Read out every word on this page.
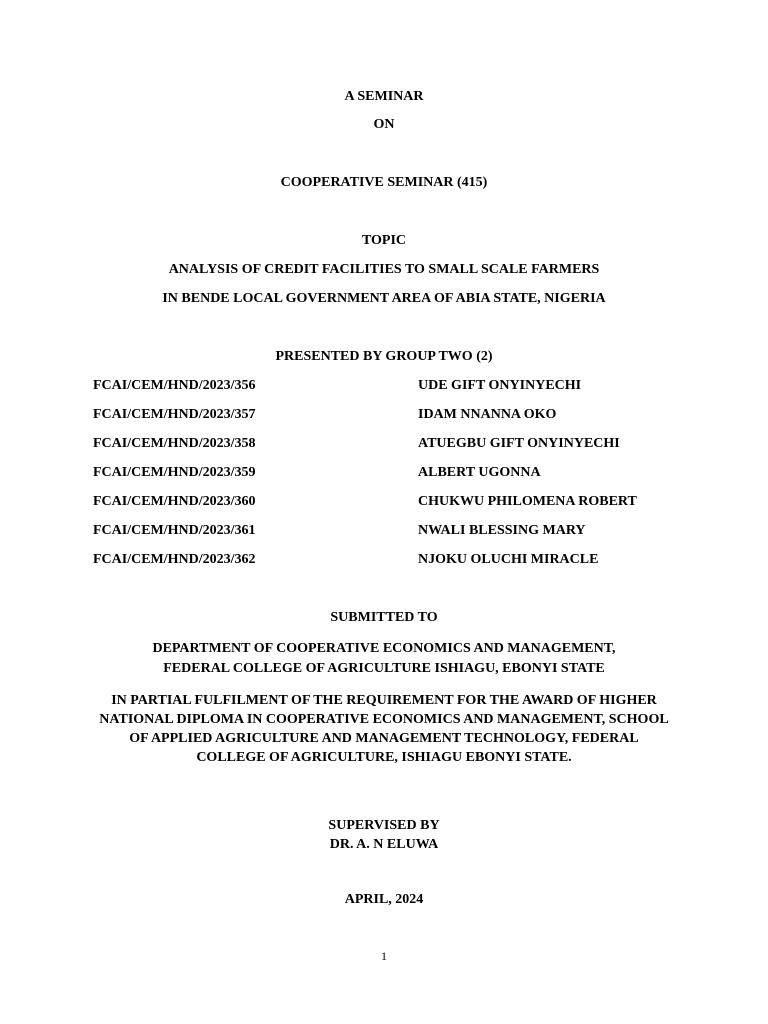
A SEMINAR
ON
COOPERATIVE SEMINAR (415)
TOPIC
ANALYSIS OF CREDIT FACILITIES TO SMALL SCALE FARMERS
IN BENDE LOCAL GOVERNMENT AREA OF ABIA STATE, NIGERIA
PRESENTED BY GROUP TWO (2)
FCAI/CEM/HND/2023/356	UDE GIFT ONYINYECHI
FCAI/CEM/HND/2023/357	IDAM NNANNA OKO
FCAI/CEM/HND/2023/358	ATUEGBU GIFT ONYINYECHI
FCAI/CEM/HND/2023/359	ALBERT UGONNA
FCAI/CEM/HND/2023/360	CHUKWU PHILOMENA ROBERT
FCAI/CEM/HND/2023/361	NWALI BLESSING MARY
FCAI/CEM/HND/2023/362	NJOKU OLUCHI MIRACLE
SUBMITTED TO
DEPARTMENT OF COOPERATIVE ECONOMICS AND MANAGEMENT,
FEDERAL COLLEGE OF AGRICULTURE ISHIAGU, EBONYI STATE
IN PARTIAL FULFILMENT OF THE REQUIREMENT FOR THE AWARD OF HIGHER NATIONAL DIPLOMA IN COOPERATIVE ECONOMICS AND MANAGEMENT, SCHOOL OF APPLIED AGRICULTURE AND MANAGEMENT TECHNOLOGY, FEDERAL COLLEGE OF AGRICULTURE, ISHIAGU EBONYI STATE.
SUPERVISED BY
DR. A. N ELUWA
APRIL, 2024
1
